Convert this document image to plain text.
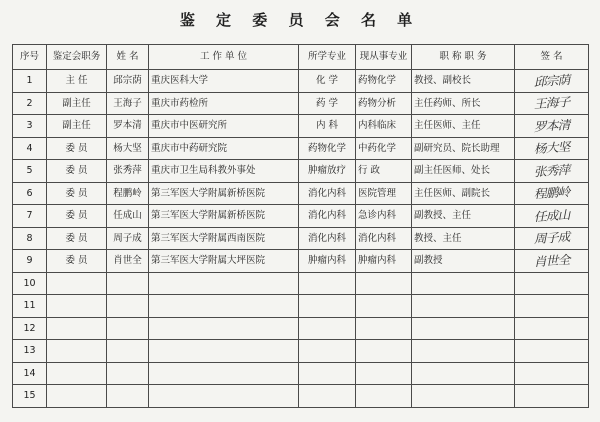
鉴 定 委 员 会 名 单
序号	鉴定会职务	姓 名	工 作 单 位	所学专业	现从事专业	职 称 职 务	签 名
1	主 任	邱宗荫	重庆医科大学	化 学	药物化学	教授、副校长	邱宗荫
2	副主任	王海子	重庆市药检所	药 学	药物分析	主任药师、所长	王海子
3	副主任	罗本清	重庆市中医研究所	内 科	内科临床	主任医师、主任	罗本清
4	委 员	杨大坚	重庆市中药研究院	药物化学	中药化学	副研究员、院长助理	杨大坚
5	委 员	张秀萍	重庆市卫生局科教外事处	肿瘤放疗	行 政	副主任医师、处长	张秀萍
6	委 员	程鹏岭	第三军医大学附属新桥医院	消化内科	医院管理	主任医师、副院长	程鹏岭
7	委 员	任成山	第三军医大学附属新桥医院	消化内科	急诊内科	副教授、主任	任成山
8	委 员	周子成	第三军医大学附属西南医院	消化内科	消化内科	教授、主任	周子成
9	委 员	肖世全	第三军医大学附属大坪医院	肿瘤内科	肿瘤内科	副教授	肖世全
10							
11							
12							
13							
14							
15							
